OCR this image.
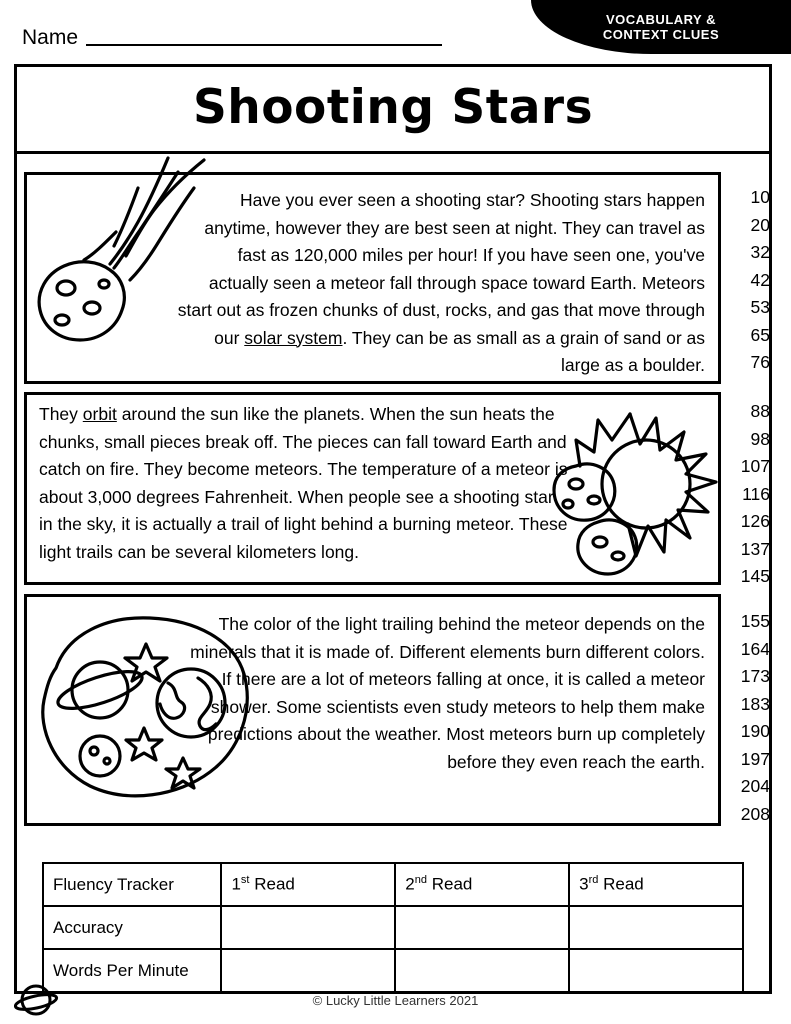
VOCABULARY &
CONTEXT CLUES
Name
Shooting Stars

Have you ever seen a shooting star? Shooting stars happen anytime, however they are best seen at night. They can travel as fast as 120,000 miles per hour! If you have seen one, you've actually seen a meteor fall through space toward Earth. Meteors start out as frozen chunks of dust, rocks, and gas that move through our solar system. They can be as small as a grain of sand or as large as a boulder.

10
20
32
42
53
65
76

They orbit around the sun like the planets. When the sun heats the chunks, small pieces break off. The pieces can fall toward Earth and catch on fire. They become meteors. The temperature of a meteor is about 3,000 degrees Fahrenheit. When people see a shooting star in the sky, it is actually a trail of light behind a burning meteor. These light trails can be several kilometers long.

88
98
107
116
126
137
145
The color of the light trailing behind the meteor depends on the minerals that it is made of. Different elements burn different colors. If there are a lot of meteors falling at once, it is called a meteor shower. Some scientists even study meteors to help them make predictions about the weather. Most meteors burn up completely before they even reach the earth.
155
164
173
183
190
197
204
208
Fluency Tracker	1st Read	2nd Read	3rd Read
Accuracy			
Words Per Minute			
© Lucky Little Learners 2021
